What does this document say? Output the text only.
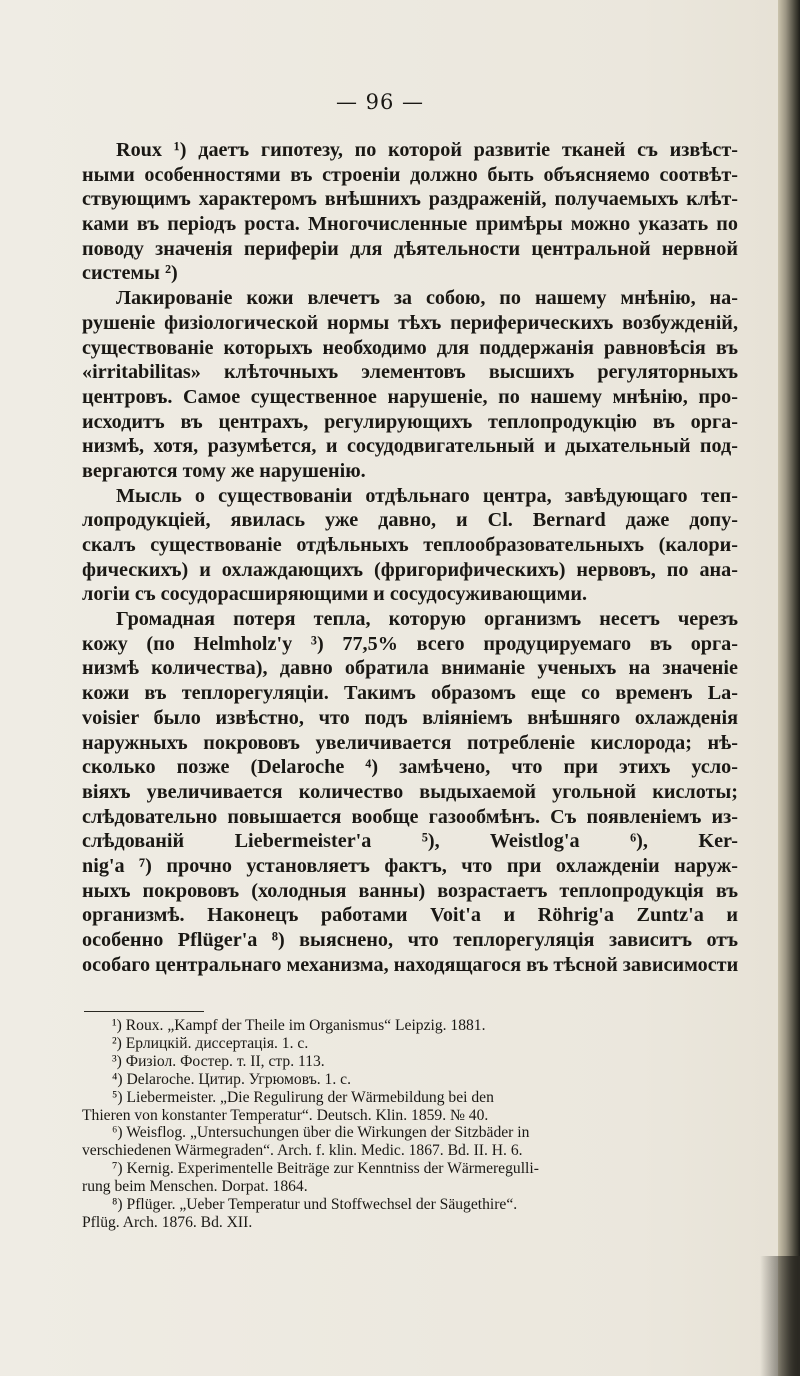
— 96 —
Roux ¹) даетъ гипотезу, по которой развитіе тканей съ извѣст-
ными особенностями въ строеніи должно быть объясняемо соотвѣт-
ствующимъ характеромъ внѣшнихъ раздраженій, получаемыхъ клѣт-
ками въ періодъ роста. Многочисленные примѣры можно указать по
поводу значенія периферіи для дѣятельности центральной нервной
системы ²)
Лакированіе кожи влечетъ за собою, по нашему мнѣнію, на-
рушеніе физіологической нормы тѣхъ периферическихъ возбужденій,
существованіе которыхъ необходимо для поддержанія равновѣсія въ
«irritabilitas» клѣточныхъ элементовъ высшихъ регуляторныхъ
центровъ. Самое существенное нарушеніе, по нашему мнѣнію, про-
исходитъ въ центрахъ, регулирующихъ теплопродукцію въ орга-
низмѣ, хотя, разумѣется, и сосудодвигательный и дыхательный под-
вергаются тому же нарушенію.
Мысль о существованіи отдѣльнаго центра, завѣдующаго теп-
лопродукціей, явилась уже давно, и Cl. Bernard даже допу-
скалъ существованіе отдѣльныхъ теплообразовательныхъ (калори-
фическихъ) и охлаждающихъ (фригорифическихъ) нервовъ, по ана-
логіи съ сосудорасширяющими и сосудосуживающими.
Громадная потеря тепла, которую организмъ несетъ черезъ
кожу (по Helmholz'у ³) 77,5% всего продуцируемаго въ орга-
низмѣ количества), давно обратила вниманіе ученыхъ на значеніе
кожи въ теплорегуляціи. Такимъ образомъ еще со временъ La-
voisier было извѣстно, что подъ вліяніемъ внѣшняго охлажденія
наружныхъ покрововъ увеличивается потребленіе кислорода; нѣ-
сколько позже (Delaroche ⁴) замѣчено, что при этихъ усло-
віяхъ увеличивается количество выдыхаемой угольной кислоты;
слѣдовательно повышается вообще газообмѣнъ. Съ появленіемъ из-
слѣдованій Liebermeister'a ⁵), Weistlog'a ⁶), Ker-
nig'a ⁷) прочно установляетъ фактъ, что при охлажденіи наруж-
ныхъ покрововъ (холодныя ванны) возрастаетъ теплопродукція въ
организмѣ. Наконецъ работами Voit'a и Röhrig'a Zuntz'a и
особенно Pflüger'a ⁸) выяснено, что теплорегуляція зависитъ отъ
особаго центральнаго механизма, находящагося въ тѣсной зависимости
¹) Roux. „Kampf der Theile im Organismus“ Leipzig. 1881.
²) Ерлицкій. диссертація. 1. с.
³) Физіол. Фостер. т. II, стр. 113.
⁴) Delaroche. Цитир. Угрюмовъ. 1. с.
⁵) Liebermeister. „Die Regulirung der Wärmebildung bei den
Thieren von konstanter Temperatur“. Deutsch. Klin. 1859. № 40.
⁶) Weisflog. „Untersuchungen über die Wirkungen der Sitzbäder in
verschiedenen Wärmegraden“. Arch. f. klin. Medic. 1867. Bd. II. H. 6.
⁷) Kernig. Experimentelle Beiträge zur Kenntniss der Wärmeregulli-
rung beim Menschen. Dorpat. 1864.
⁸) Pflüger. „Ueber Temperatur und Stoffwechsel der Säugethire“.
Pflüg. Arch. 1876. Bd. XII.
